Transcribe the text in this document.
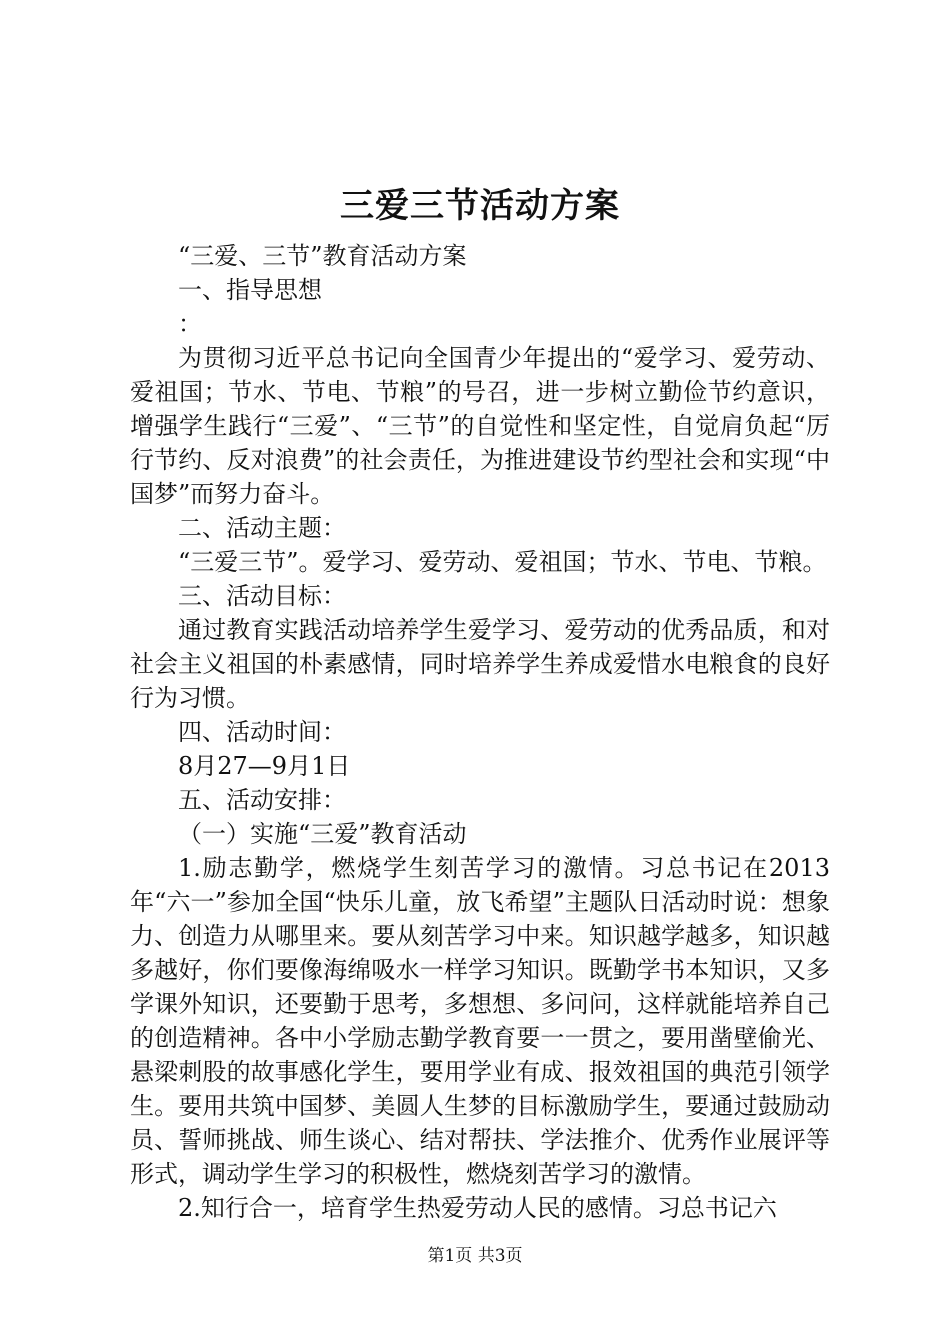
三爱三节活动方案

“三爱、三节”教育活动方案

一、指导思想

：

为贯彻习近平总书记向全国青少年提出的“爱学习、爱劳动、爱祖国；节水、节电、节粮”的号召，进一步树立勤俭节约意识，增强学生践行“三爱”、“三节”的自觉性和坚定性，自觉肩负起“厉行节约、反对浪费”的社会责任，为推进建设节约型社会和实现“中国梦”而努力奋斗。

二、活动主题：

“三爱三节”。爱学习、爱劳动、爱祖国；节水、节电、节粮。

三、活动目标：

通过教育实践活动培养学生爱学习、爱劳动的优秀品质，和对社会主义祖国的朴素感情，同时培养学生养成爱惜水电粮食的良好行为习惯。

四、活动时间：

8月27—9月1日

五、活动安排：

（一）实施“三爱”教育活动

1.励志勤学，燃烧学生刻苦学习的激情。习总书记在2013年“六一”参加全国“快乐儿童，放飞希望”主题队日活动时说：想象力、创造力从哪里来。要从刻苦学习中来。知识越学越多，知识越多越好，你们要像海绵吸水一样学习知识。既勤学书本知识，又多学课外知识，还要勤于思考，多想想、多问问，这样就能培养自己的创造精神。各中小学励志勤学教育要一一贯之，要用凿壁偷光、悬梁刺股的故事感化学生，要用学业有成、报效祖国的典范引领学生。要用共筑中国梦、美圆人生梦的目标激励学生，要通过鼓励动员、誓师挑战、师生谈心、结对帮扶、学法推介、优秀作业展评等形式，调动学生学习的积极性，燃烧刻苦学习的激情。

2.知行合一，培育学生热爱劳动人民的感情。习总书记六

第1页 共3页
